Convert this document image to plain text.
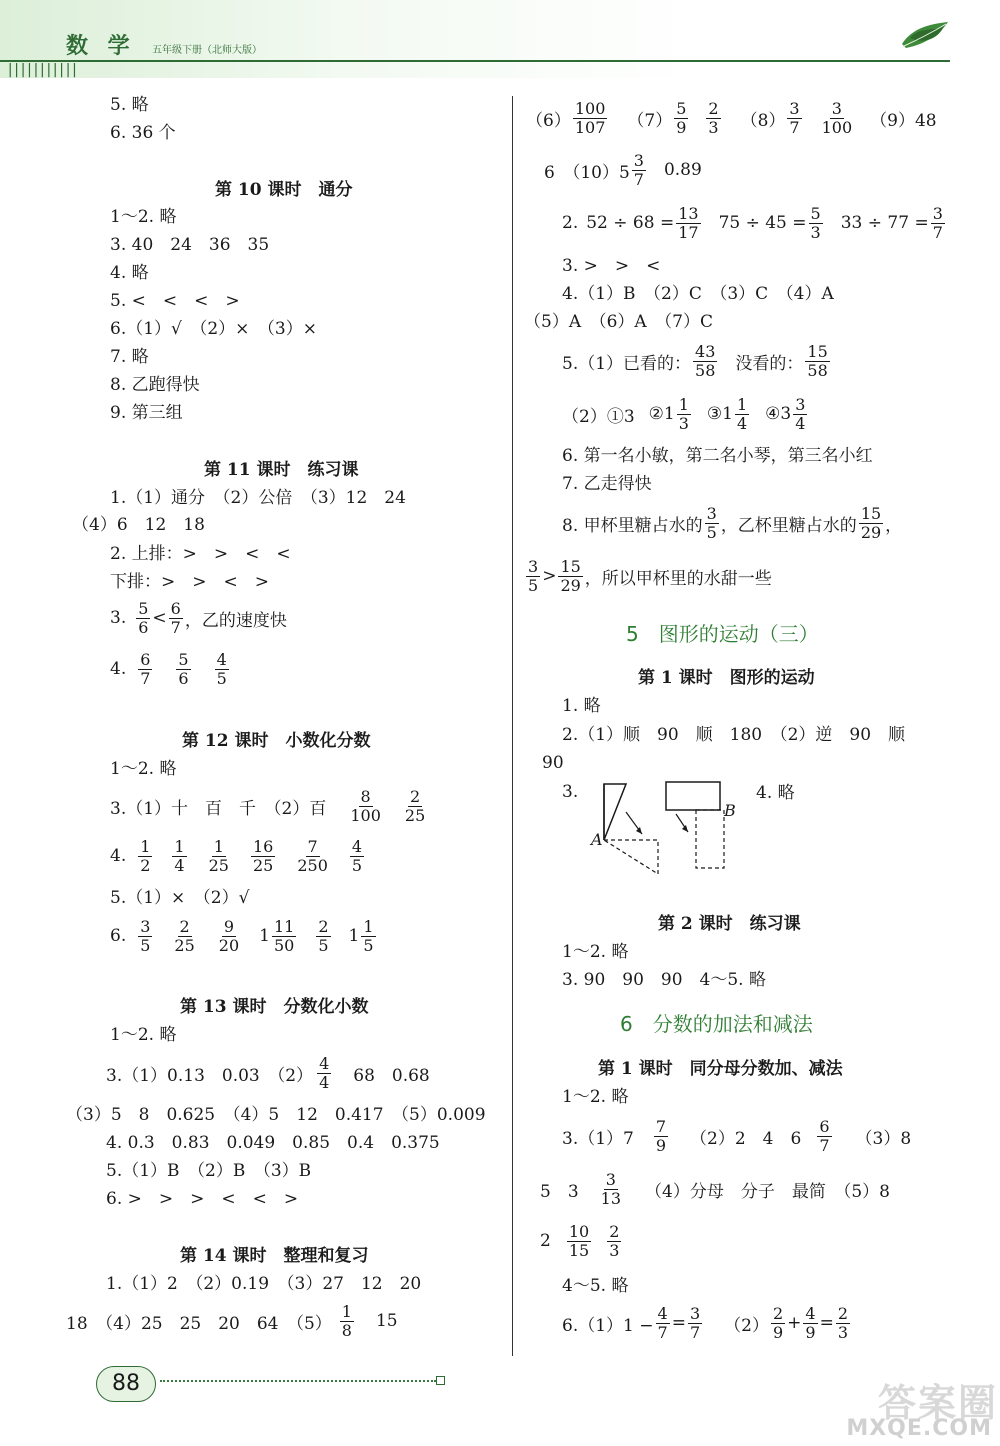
数 学 五年级下册（北师大版）
|||||||||||
5. 略
6. 36 个
第 10 课时　通分
1～2. 略
3. 40　24　36　35
4. 略
5. <　<　<　>
6.（1）√　（2）×　（3）×
7. 略
8. 乙跑得快
9. 第三组
第 11 课时　练习课
1.（1）通分　（2）公倍　（3）12　24
（4）6　12　18
2. 上排：>　>　<　<
下排：>　>　<　>
3. $\frac{5}{6} < \frac{6}{7}$ ，乙的速度快
4. $\frac{6}{7} \frac{5}{6} \frac{4}{5}$
第 12 课时　小数化分数
1～2. 略
3.（1）十　百　千　（2）百 $\frac{8}{100} \frac{2}{25}$
4. $\frac{1}{2} \frac{1}{4} \frac{1}{25} \frac{16}{25} \frac{7}{250} \frac{4}{5}$
5.（1）×　（2）√
6. $\frac{3}{5} \frac{2}{25} \frac{9}{20} 1 \frac{11}{50} \frac{2}{5} 1 \frac{1}{5}$
第 13 课时　分数化小数
1～2. 略
3.（1）0.13　0.03　$(2) \frac{4}{4} 68$　0.68
（3）5　8　0.625　（4）5　12　0.417　（5）0.009
4. 0.3　0.83　0.049　0.85　0.4　0.375
5.（1）B　（2）B　（3）B
6. >　>　>　<　<　>
第 14 课时　整理和复习
1.（1）2　（2）0.19　（3）27　12　20
18　（4）25　25　20　64　$(5) \frac{1}{8} 15$
$(6) \frac{100}{107} (7) \frac{5}{9} \frac{2}{3} (8) \frac{3}{7} \frac{3}{100} (9)48$
6　$(10)5 \frac{3}{7} 0.89$
2. $52 \div 68 = \frac{13}{17} 75 \div 45 = \frac{5}{3} 33 \div 77 = \frac{3}{7}$
3. >　>　<
4.（1）B　（2）C　（3）C　（4）A
（5）A　（6）A　（7）C
5.（1）已看的： $\frac{43}{58}$ 没看的： $\frac{15}{58}$
（2）①3 ②1 $\frac{1}{3}$ ③1 $\frac{1}{4}$ ④3 $\frac{3}{4}$
6. 第一名小敏，第二名小琴，第三名小红
7. 乙走得快
8. 甲杯里糖占水的 $\frac{3}{5}$ ，乙杯里糖占水的 $\frac{15}{29}$ ，
$\frac{3}{5} > \frac{15}{29}$ ，所以甲杯里的水甜一些
5　图形的运动（三）
第 1 课时　图形的运动
1. 略
2.（1）顺　90　顺　180　（2）逆　90　顺
90
3.	4. 略
A
B
第 2 课时　练习课
1～2. 略
3. 90　90　90　4～5. 略
6　分数的加法和减法
第 1 课时　同分母分数加、减法
1～2. 略
$3.(1)7 \frac{7}{9} (2)2$　4　$6 \frac{6}{7} (3)8$
5　$3 \frac{3}{13} (4)$分母　分子　最简　（5）8
$2 \frac{10}{15} \frac{2}{3}$
4～5. 略
$6.(1)1 - \frac{4}{7} = \frac{3}{7} (2) \frac{2}{9} + \frac{4}{9} = \frac{2}{3}$
88	答案圈
MXQE.COM
